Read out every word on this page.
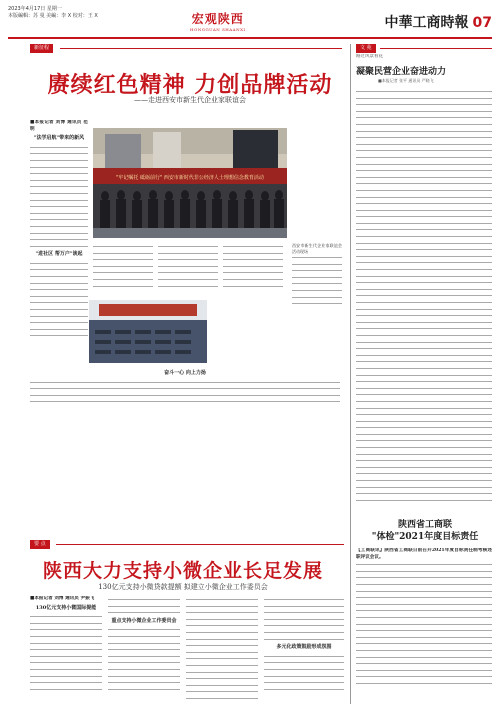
2023年4月17日 星期一
本版編輯：苏 曼 美編：李 X 校对：王 X	宏观陕西
HONGGUAN SHAANXI	中華工商時報 07
新征程	文 苑
赓续红色精神 力创品牌活动
——走进西安市新生代企业家联谊会
■本报记者 刘博 通讯员 范明
"法学启航"带来的新风
"进社区 帮万户"谈起
"牢记嘱托 砥砺前行" 西安市新时代非公经济人士理想信念教育活动
西安市新生代企业家联谊会活动现场
奋斗一心 向上力扬
路过风景看花
凝聚民营企业奋进动力
■本报记者 张平 通讯员 严晓飞
陕西省工商联
"体检"2021年度目标责任
【工商联讯】陕西省工商联日前召开2021年度目标责任制考核述职评议会议。
要 点
陕西大力支持小微企业长足发展
130亿元支持小微贷款提额 拟建立小微企业工作委员会
■本报记者 刘博 通讯员 尹振飞
130亿元支持小微国际提能
重点支持小微企业工作委员会
多元化政策鼓励形成氛围
